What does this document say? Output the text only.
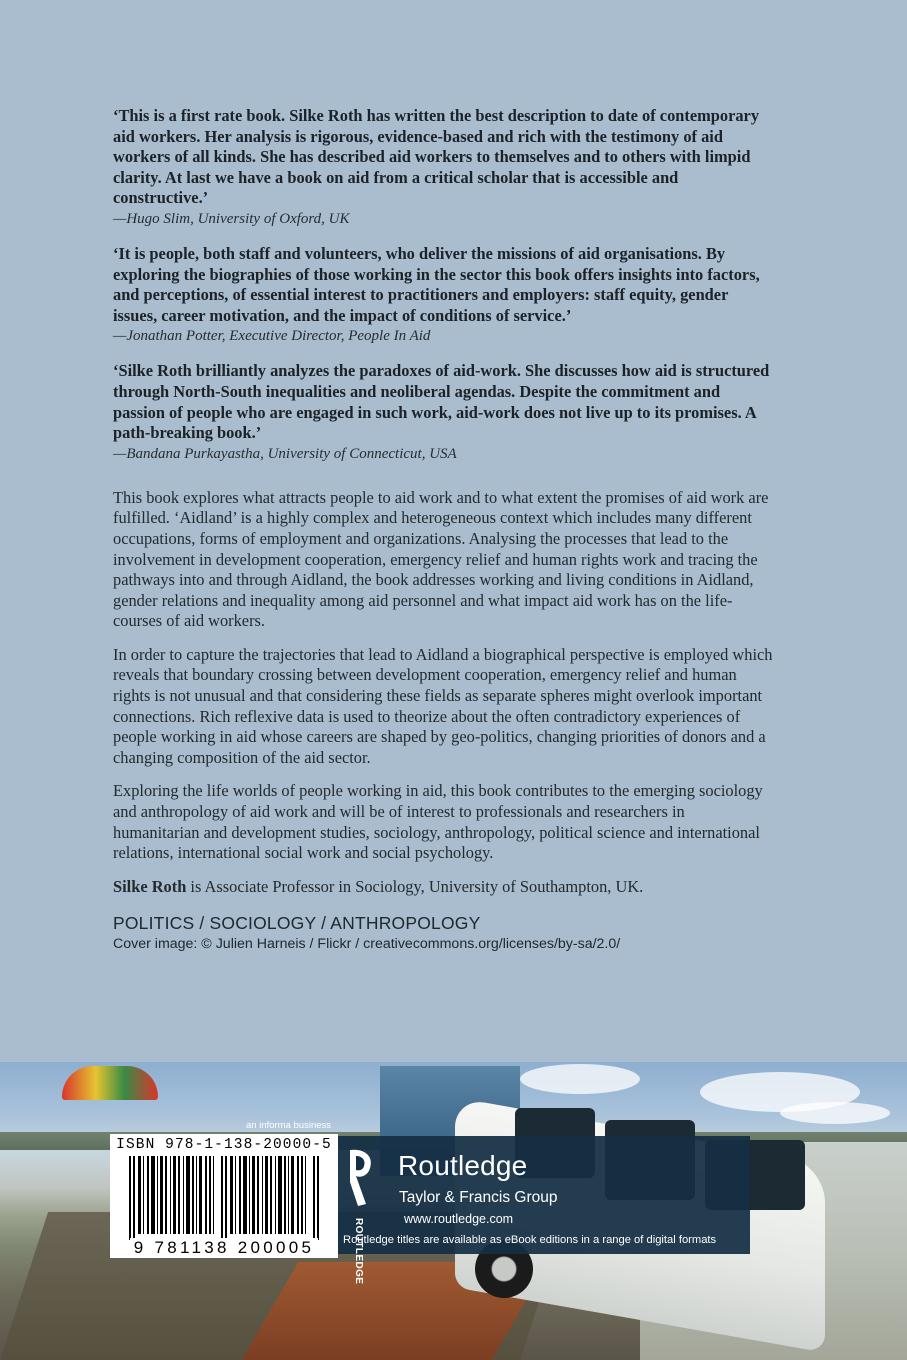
‘This is a first rate book. Silke Roth has written the best description to date of contemporary aid workers. Her analysis is rigorous, evidence-based and rich with the testimony of aid workers of all kinds. She has described aid workers to themselves and to others with limpid clarity. At last we have a book on aid from a critical scholar that is accessible and constructive.’

—Hugo Slim, University of Oxford, UK

‘It is people, both staff and volunteers, who deliver the missions of aid organisations. By exploring the biographies of those working in the sector this book offers insights into factors, and perceptions, of essential interest to practitioners and employers: staff equity, gender issues, career motivation, and the impact of conditions of service.’

—Jonathan Potter, Executive Director, People In Aid

‘Silke Roth brilliantly analyzes the paradoxes of aid-work. She discusses how aid is structured through North-South inequalities and neoliberal agendas. Despite the commitment and passion of people who are engaged in such work, aid-work does not live up to its promises. A path-breaking book.’

—Bandana Purkayastha, University of Connecticut, USA

This book explores what attracts people to aid work and to what extent the promises of aid work are fulfilled. ‘Aidland’ is a highly complex and heterogeneous context which includes many different occupations, forms of employment and organizations. Analysing the processes that lead to the involvement in development cooperation, emergency relief and human rights work and tracing the pathways into and through Aidland, the book addresses working and living conditions in Aidland, gender relations and inequality among aid personnel and what impact aid work has on the life-courses of aid workers.

In order to capture the trajectories that lead to Aidland a biographical perspective is employed which reveals that boundary crossing between development cooperation, emergency relief and human rights is not unusual and that considering these fields as separate spheres might overlook important connections. Rich reflexive data is used to theorize about the often contradictory experiences of people working in aid whose careers are shaped by geo-politics, changing priorities of donors and a changing composition of the aid sector.

Exploring the life worlds of people working in aid, this book contributes to the emerging sociology and anthropology of aid work and will be of interest to professionals and researchers in humanitarian and development studies, sociology, anthropology, political science and international relations, international social work and social psychology.

Silke Roth is Associate Professor in Sociology, University of Southampton, UK.

POLITICS / SOCIOLOGY / ANTHROPOLOGY
Cover image: © Julien Harneis / Flickr / creativecommons.org/licenses/by-sa/2.0/
an informa business
ISBN 978-1-138-20000-5
9 781138 200005	ROUTLEDGE
Routledge
Taylor & Francis Group
www.routledge.com
Routledge titles are available as eBook editions in a range of digital formats
